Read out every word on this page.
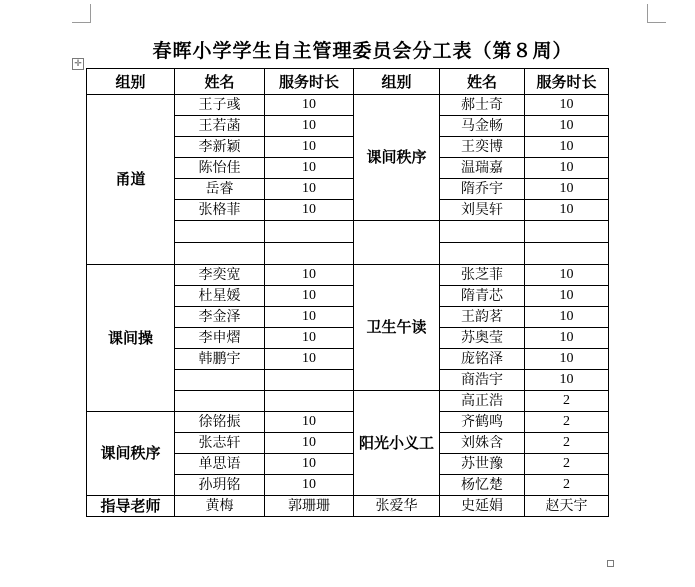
✛
春晖小学学生自主管理委员会分工表（第８周）
组别	姓名	服务时长	组别	姓名	服务时长
甬道	王子彧	10	课间秩序	郝士奇	10
	王若菡	10		马金畅	10
	李新颖	10		王奕博	10
	陈怡佳	10		温瑞嘉	10
	岳睿	10		隋乔宇	10
	张格菲	10		刘昊轩	10

课间操	李奕宽	10	卫生午读	张芝菲	10
	杜星媛	10		隋青芯	10
	李金泽	10		王韵茗	10
	李申熠	10		苏奥莹	10
	韩鹏宇	10		庞铭泽	10
				商浩宇	10
			阳光小义工	高正浩	2
课间秩序	徐铭振	10		齐鹤鸣	2
	张志轩	10		刘姝含	2
	单思语	10		苏世豫	2
	孙玥铭	10		杨忆楚	2
指导老师	黄梅	郭珊珊	张爱华	史延娟	赵天宇
